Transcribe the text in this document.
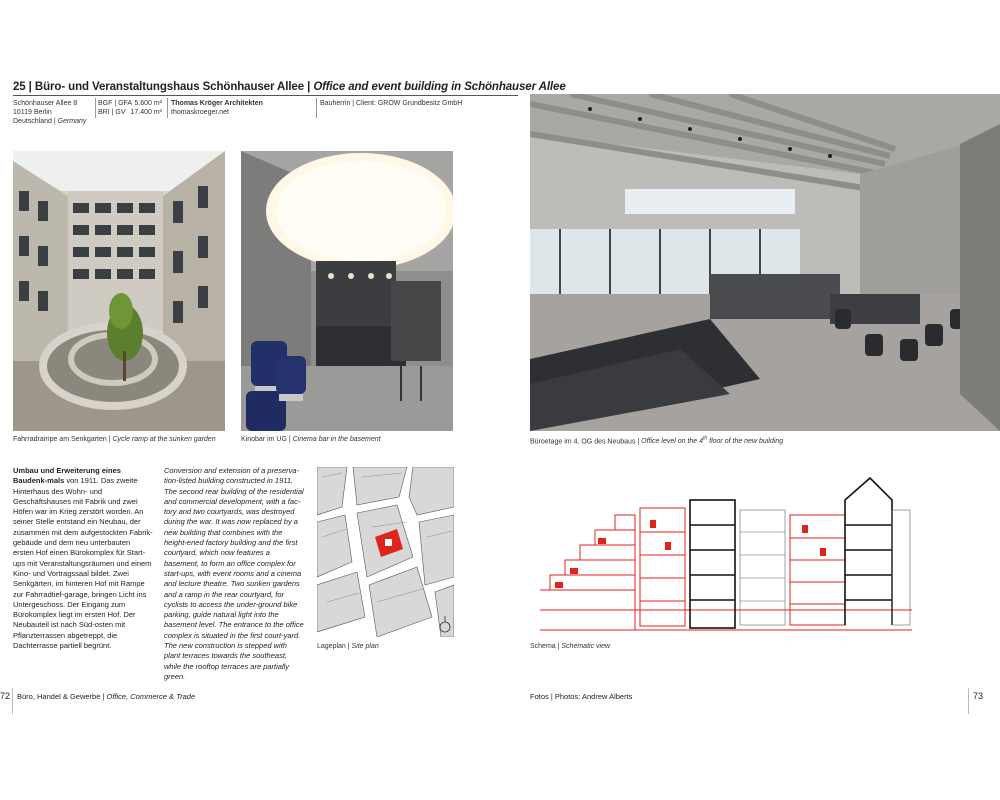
25 | Büro- und Veranstaltungshaus Schönhauser Allee | Office and event building in Schönhauser Allee
Schönhauser Allee 8
10119 Berlin
Deutschland | Germany
BGF | GFA 5.600 m²
BRI | GV 17.400 m³
Thomas Kröger Architekten
thomaskroeger.net
Bauherrin | Client: GROW Grundbesitz GmbH
Fahrradrampe am Senkgarten | Cycle ramp at the sunken garden	Kinobar im UG | Cinema bar in the basement	Büroetage im 4. OG des Neubaus | Office level on the 4th floor of the new building
Umbau und Erweiterung eines Baudenk-mals von 1911. Das zweite Hinterhaus des Wohn- und Geschäftshauses mit Fabrik und zwei Höfen war im Krieg zerstört worden. An seiner Stelle entstand ein Neubau, der zusammen mit dem aufgestockten Fabrik-gebäude und dem neu unterbauten ersten Hof einen Bürokomplex für Start-ups mit Veranstaltungsräumen und einem Kino- und Vortragssaal bildet. Zwei Senkgärten, im hinteren Hof mit Rampe zur Fahrradtief-garage, bringen Licht ins Untergeschoss. Der Eingang zum Bürokomplex liegt im ersten Hof. Der Neubauteil ist nach Süd-osten mit Pflanzterrassen abgetreppt, die Dachterrasse partiell begrünt.
Conversion and extension of a preserva-tion-listed building constructed in 1911. The second rear building of the residential and commercial development, with a fac-tory and two courtyards, was destroyed during the war. It was now replaced by a new building that combines with the height-ened factory building and the first courtyard, which now features a basement, to form an office complex for start-ups, with event rooms and a cinema and lecture theatre. Two sunken gardens and a ramp in the rear courtyard, for cyclists to access the under-ground bike parking, guide natural light into the basement level. The entrance to the office complex is situated in the first court-yard. The new construction is stepped with plant terraces towards the southeast, while the rooftop terraces are partially green.
Lageplan | Site plan	Schema | Schematic view
72 Büro, Handel & Gewerbe | Office, Commerce & Trade	Fotos | Photos: Andrew Alberts	73
